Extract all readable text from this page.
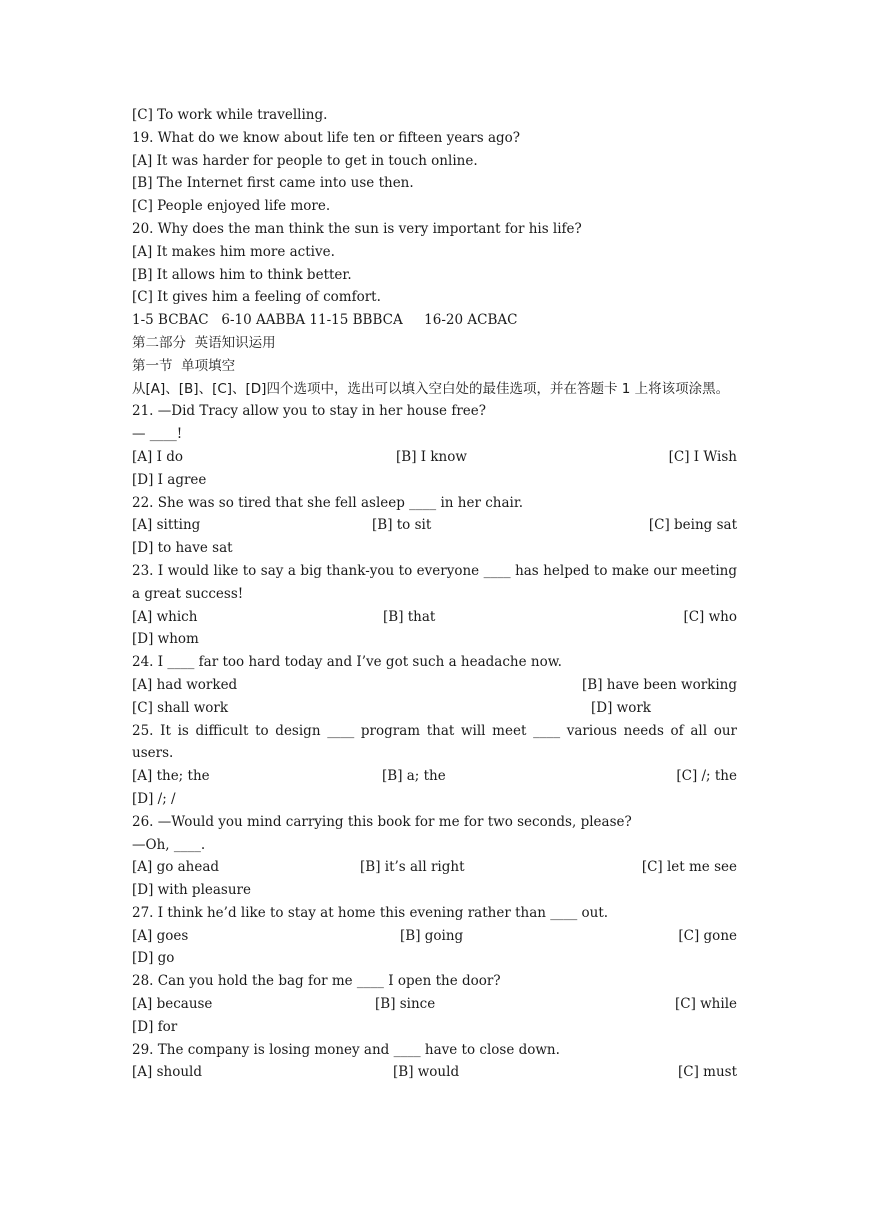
[C] To work while travelling.
19. What do we know about life ten or fifteen years ago?
[A] It was harder for people to get in touch online.
[B] The Internet first came into use then.
[C] People enjoyed life more.
20. Why does the man think the sun is very important for his life?
[A] It makes him more active.
[B] It allows him to think better.
[C] It gives him a feeling of comfort.
1-5 BCBAC   6-10 AABBA 11-15 BBBCA     16-20 ACBAC
第二部分  英语知识运用
第一节  单项填空
从[A]、[B]、[C]、[D]四个选项中，选出可以填入空白处的最佳选项，并在答题卡 1 上将该项涂黑。
21. —Did Tracy allow you to stay in her house free?
— ____!

[A] I do

	[B] I know

	[C] I Wish

[D] I agree
22. She was so tired that she fell asleep ____ in her chair.

[A] sitting

	[B] to sit

	[C] being sat

[D] to have sat
23. I would like to say a big thank-you to everyone ____ has helped to make our meeting a great success!

[A] which

	[B] that

	[C] who

[D] whom
24. I ____ far too hard today and I’ve got such a headache now.

[A] had worked

	[B] have been working

[C] shall work

	[D] work

25. It is difficult to design ____ program that will meet ____ various needs of all our users.

[A] the; the

	[B] a; the

	[C] /; the

[D] /; /
26. —Would you mind carrying this book for me for two seconds, please?
—Oh, ____.

[A] go ahead

	[B] it’s all right

	[C] let me see

[D] with pleasure
27. I think he’d like to stay at home this evening rather than ____ out.

[A] goes

	[B] going

	[C] gone

[D] go
28. Can you hold the bag for me ____ I open the door?

[A] because

	[B] since

	[C] while

[D] for
29. The company is losing money and ____ have to close down.

[A] should

	[B] would

	[C] must
